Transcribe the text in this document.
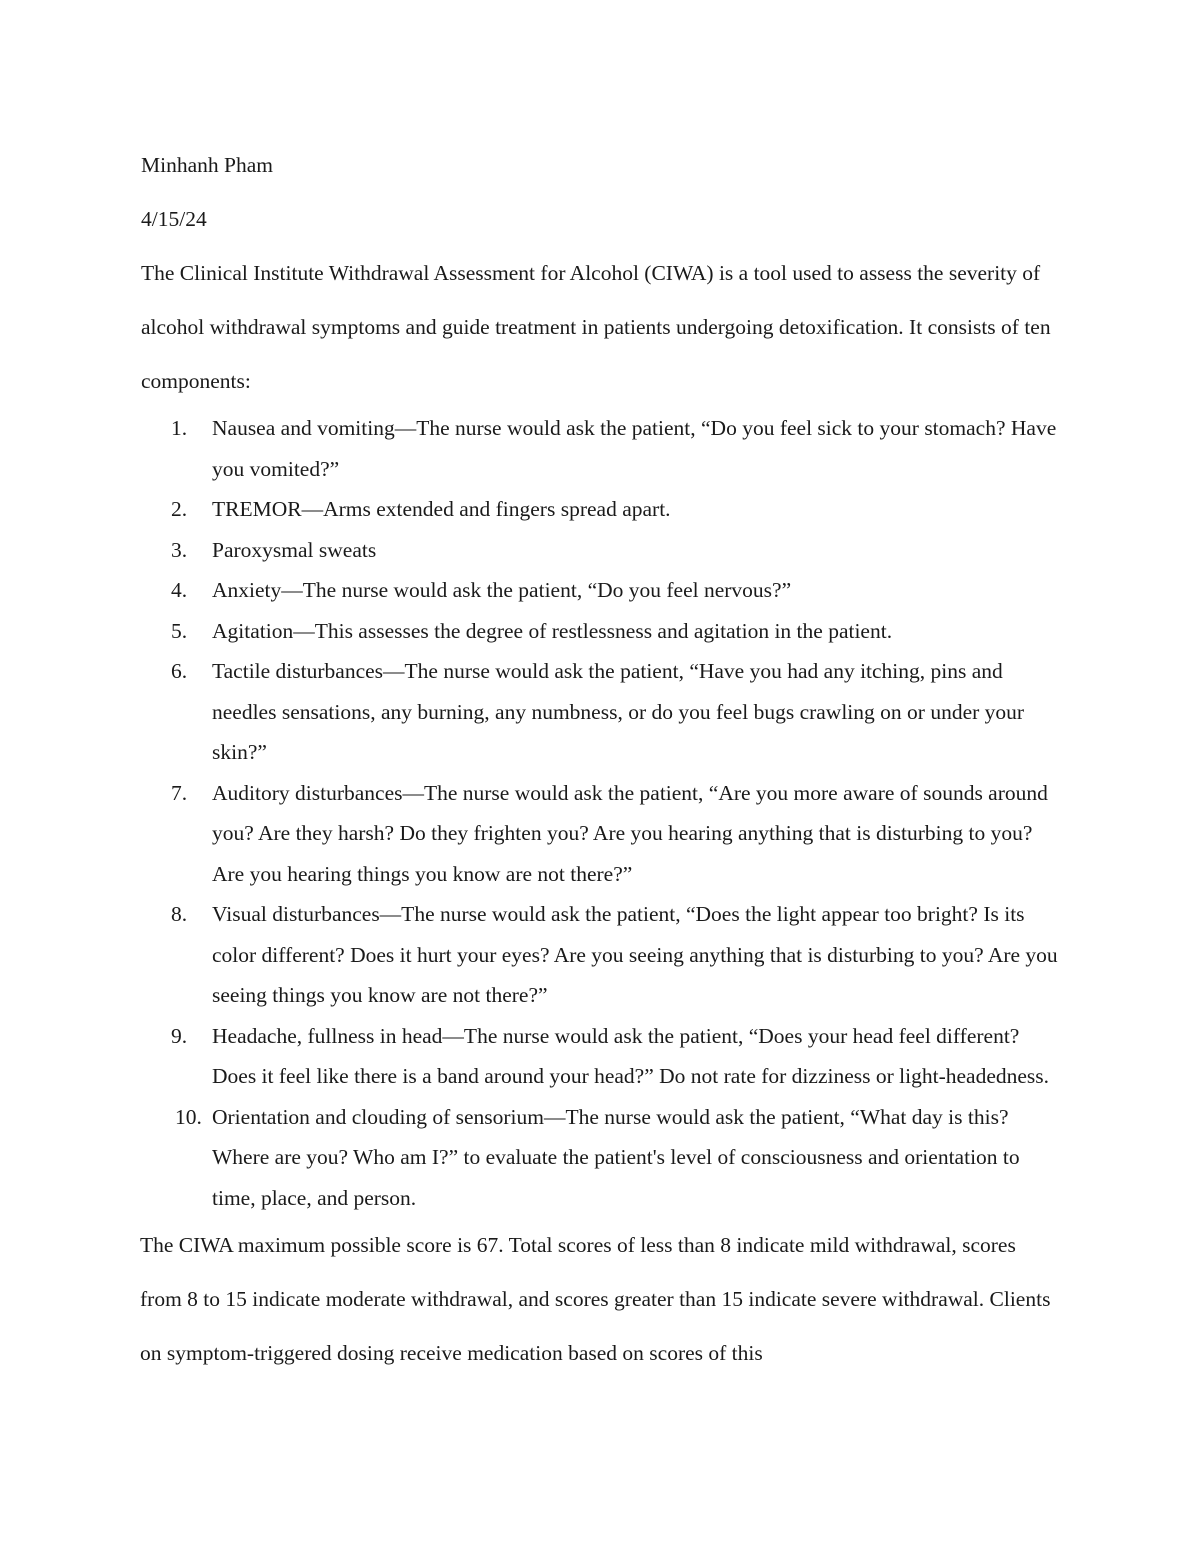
Minhanh Pham

4/15/24

The Clinical Institute Withdrawal Assessment for Alcohol (CIWA) is a tool used to assess the severity of alcohol withdrawal symptoms and guide treatment in patients undergoing detoxification. It consists of ten components:

1.	Nausea and vomiting—The nurse would ask the patient, “Do you feel sick to your stomach? Have you vomited?”
2.	TREMOR—Arms extended and fingers spread apart.
3.	Paroxysmal sweats
4.	Anxiety—The nurse would ask the patient, “Do you feel nervous?”
5.	Agitation—This assesses the degree of restlessness and agitation in the patient.
6.	Tactile disturbances—The nurse would ask the patient, “Have you had any itching, pins and needles sensations, any burning, any numbness, or do you feel bugs crawling on or under your skin?”
7.	Auditory disturbances—The nurse would ask the patient, “Are you more aware of sounds around you? Are they harsh? Do they frighten you? Are you hearing anything that is disturbing to you? Are you hearing things you know are not there?”
8.	Visual disturbances—The nurse would ask the patient, “Does the light appear too bright? Is its color different? Does it hurt your eyes? Are you seeing anything that is disturbing to you? Are you seeing things you know are not there?”
9.	Headache, fullness in head—The nurse would ask the patient, “Does your head feel different? Does it feel like there is a band around your head?” Do not rate for dizziness or light-headedness.
10. Orientation and clouding of sensorium—The nurse would ask the patient, “What day is this? Where are you? Who am I?” to evaluate the patient's level of consciousness and orientation to time, place, and person.

The CIWA maximum possible score is 67. Total scores of less than 8 indicate mild withdrawal, scores from 8 to 15 indicate moderate withdrawal, and scores greater than 15 indicate severe withdrawal. Clients on symptom-triggered dosing receive medication based on scores of this
